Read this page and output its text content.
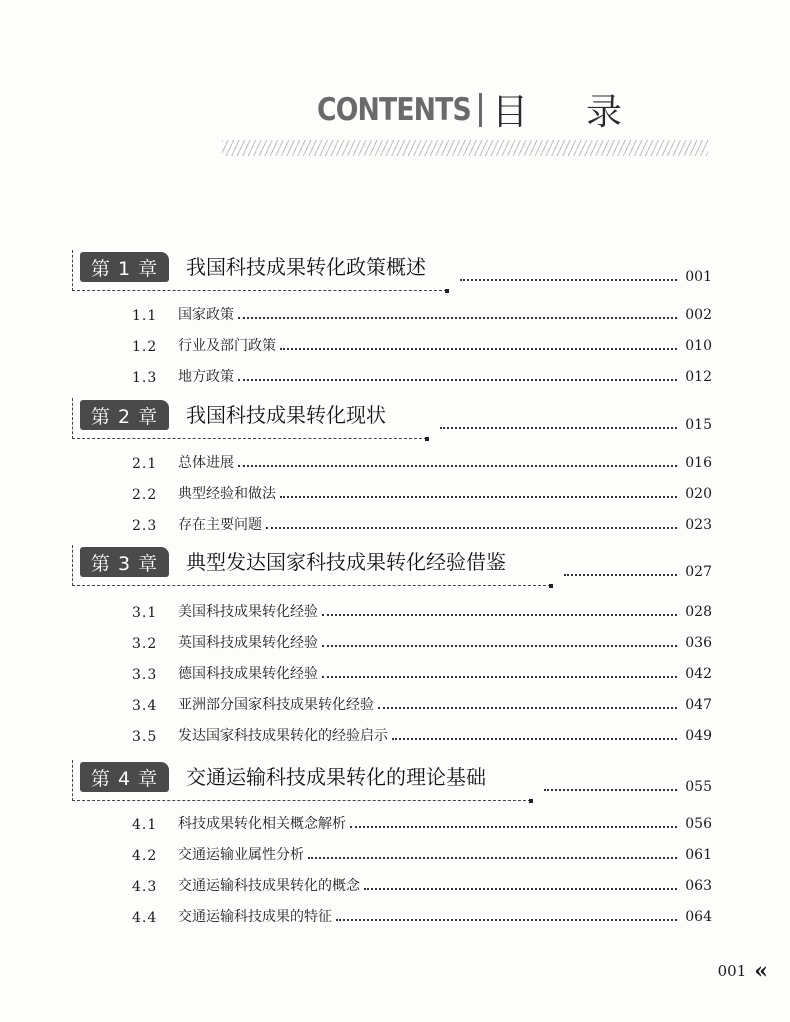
CONTENTS 目录
第 1 章	我国科技成果转化政策概述	001
1.1	国家政策	002
1.2	行业及部门政策	010
1.3	地方政策	012
第 2 章	我国科技成果转化现状	015
2.1	总体进展	016
2.2	典型经验和做法	020
2.3	存在主要问题	023
第 3 章	典型发达国家科技成果转化经验借鉴	027
3.1	美国科技成果转化经验	028
3.2	英国科技成果转化经验	036
3.3	德国科技成果转化经验	042
3.4	亚洲部分国家科技成果转化经验	047
3.5	发达国家科技成果转化的经验启示	049
第 4 章	交通运输科技成果转化的理论基础	055
4.1	科技成果转化相关概念解析	056
4.2	交通运输业属性分析	061
4.3	交通运输科技成果转化的概念	063
4.4	交通运输科技成果的特征	064
001 «
